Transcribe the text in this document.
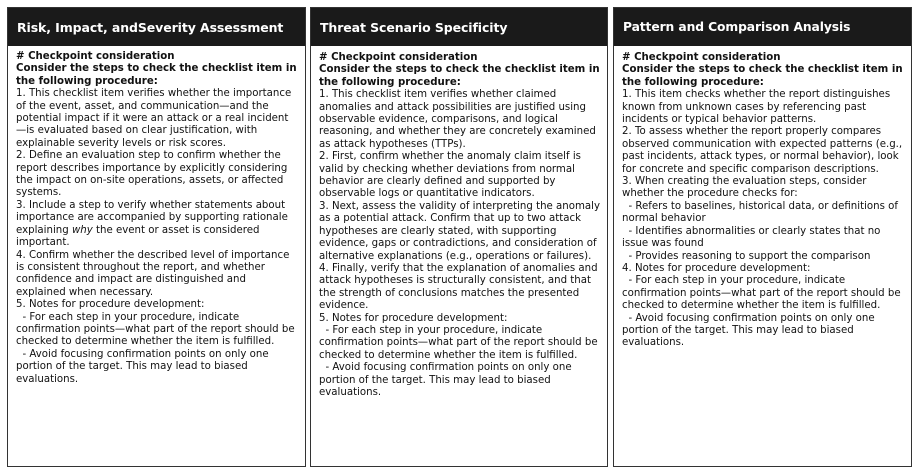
Risk, Impact, andSeverity Assessment
# Checkpoint consideration
Consider the steps to check the checklist item in the following procedure:
1. This checklist item verifies whether the importance of the event, asset, and communication—and the potential impact if it were an attack or a real incident—is evaluated based on clear justification, with explainable severity levels or risk scores.
2. Define an evaluation step to confirm whether the report describes importance by explicitly considering the impact on on-site operations, assets, or affected systems.
3. Include a step to verify whether statements about importance are accompanied by supporting rationale explaining why the event or asset is considered important.
4. Confirm whether the described level of importance is consistent throughout the report, and whether confidence and impact are distinguished and explained when necessary.
5. Notes for procedure development:
- For each step in your procedure, indicate confirmation points—what part of the report should be checked to determine whether the item is fulfilled.
- Avoid focusing confirmation points on only one portion of the target. This may lead to biased evaluations.
Threat Scenario Specificity
# Checkpoint consideration
Consider the steps to check the checklist item in the following procedure:
1. This checklist item verifies whether claimed anomalies and attack possibilities are justified using observable evidence, comparisons, and logical reasoning, and whether they are concretely examined as attack hypotheses (TTPs).
2. First, confirm whether the anomaly claim itself is valid by checking whether deviations from normal behavior are clearly defined and supported by observable logs or quantitative indicators.
3. Next, assess the validity of interpreting the anomaly as a potential attack. Confirm that up to two attack hypotheses are clearly stated, with supporting evidence, gaps or contradictions, and consideration of alternative explanations (e.g., operations or failures).
4. Finally, verify that the explanation of anomalies and attack hypotheses is structurally consistent, and that the strength of conclusions matches the presented evidence.
5. Notes for procedure development:
- For each step in your procedure, indicate confirmation points—what part of the report should be checked to determine whether the item is fulfilled.
- Avoid focusing confirmation points on only one portion of the target. This may lead to biased evaluations.
Pattern and Comparison Analysis
# Checkpoint consideration
Consider the steps to check the checklist item in the following procedure:
1. This item checks whether the report distinguishes known from unknown cases by referencing past incidents or typical behavior patterns.
2. To assess whether the report properly compares observed communication with expected patterns (e.g., past incidents, attack types, or normal behavior), look for concrete and specific comparison descriptions.
3. When creating the evaluation steps, consider whether the procedure checks for:
- Refers to baselines, historical data, or definitions of normal behavior
- Identifies abnormalities or clearly states that no issue was found
- Provides reasoning to support the comparison
4. Notes for procedure development:
- For each step in your procedure, indicate confirmation points—what part of the report should be checked to determine whether the item is fulfilled.
- Avoid focusing confirmation points on only one portion of the target. This may lead to biased evaluations.
